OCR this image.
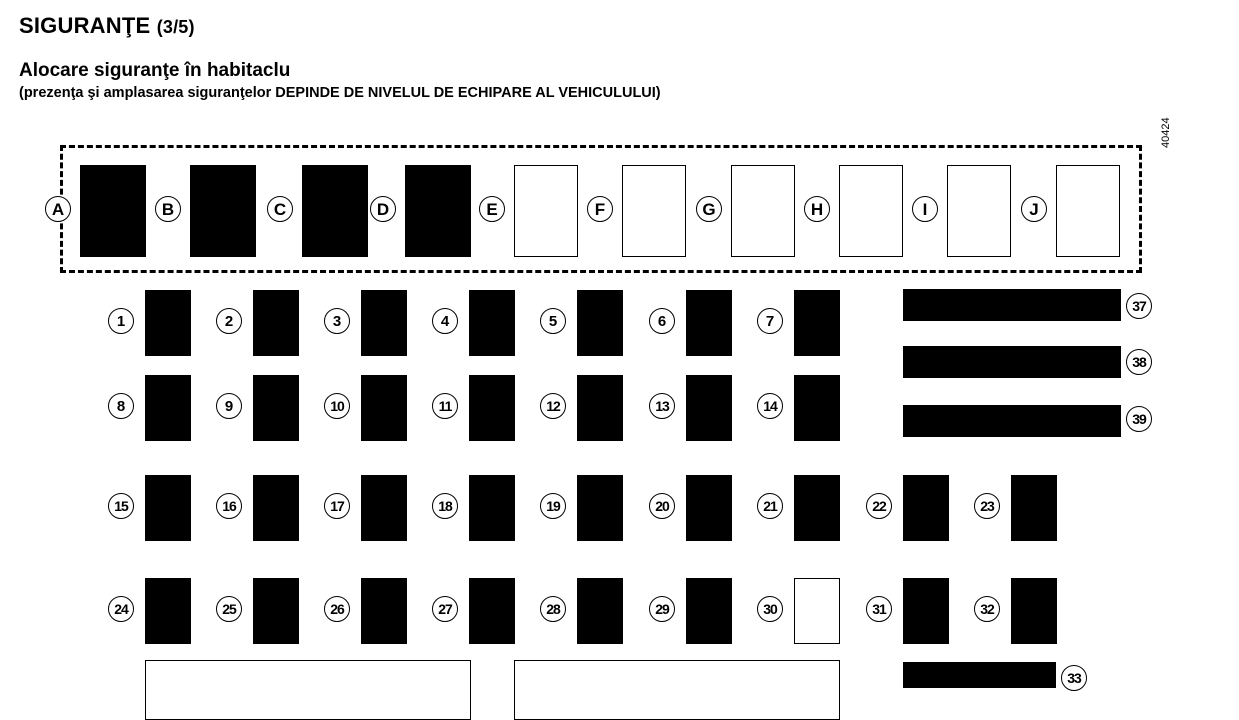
SIGURANŢE (3/5)
Alocare siguranţe în habitaclu
(prezenţa şi amplasarea siguranţelor DEPINDE DE NIVELUL DE ECHIPARE AL VEHICULULUI)
40424
A	B	C	D	E	F	G	H	I	J
1	2	3	4	5	6	7
8	9	10	11	12	13	14
15	16	17	18	19	20	21	22	23
24	25	26	27	28	29	30	31	32
37
38
39
33
